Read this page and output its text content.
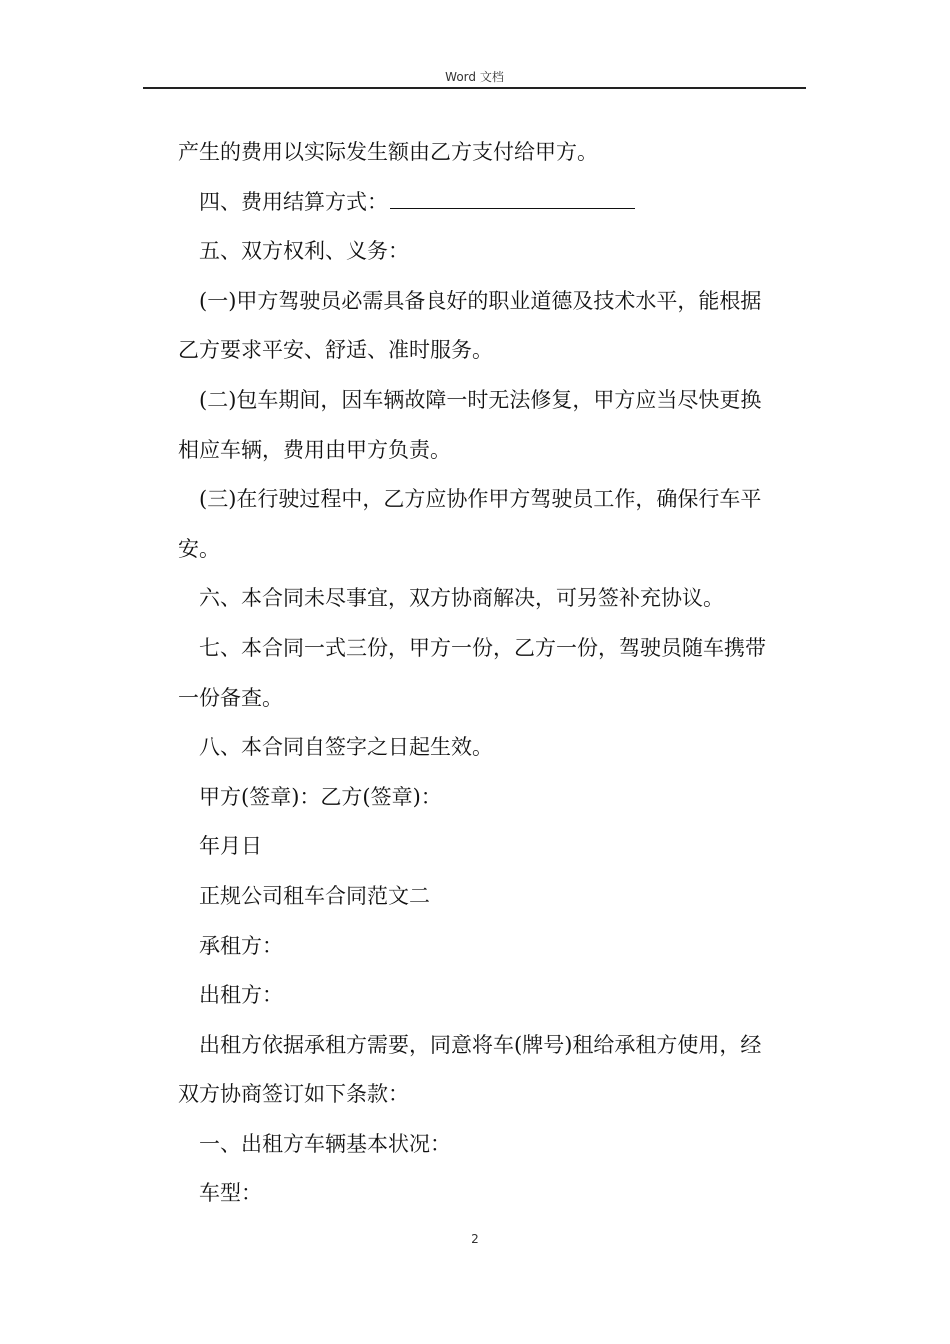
Word 文档

产生的费用以实际发生额由乙方支付给甲方。

四、费用结算方式：

五、双方权利、义务：

(一)甲方驾驶员必需具备良好的职业道德及技术水平，能根据

乙方要求平安、舒适、准时服务。

(二)包车期间，因车辆故障一时无法修复，甲方应当尽快更换

相应车辆，费用由甲方负责。

(三)在行驶过程中，乙方应协作甲方驾驶员工作，确保行车平

安。

六、本合同未尽事宜，双方协商解决，可另签补充协议。

七、本合同一式三份，甲方一份，乙方一份，驾驶员随车携带

一份备查。

八、本合同自签字之日起生效。

甲方(签章)：乙方(签章)：

年月日

正规公司租车合同范文二

承租方：

出租方：

出租方依据承租方需要，同意将车(牌号)租给承租方使用，经

双方协商签订如下条款：

一、出租方车辆基本状况：

车型：

2
